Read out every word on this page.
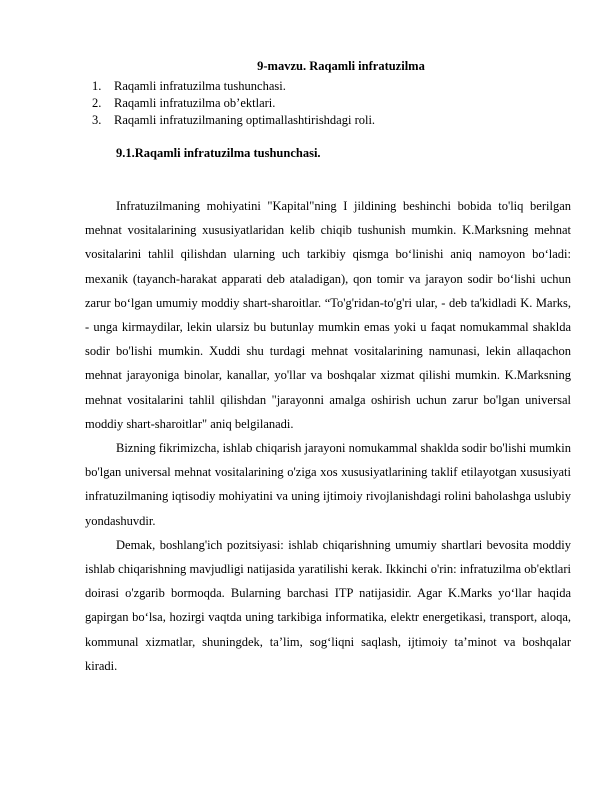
9-mavzu. Raqamli infratuzilma
1.	Raqamli infratuzilma tushunchasi.
2.	Raqamli infratuzilma ob’ektlari.
3.	Raqamli infratuzilmaning optimallashtirishdagi roli.
9.1.Raqamli infratuzilma tushunchasi.

Infratuzilmaning mohiyatini "Kapital"ning I jildining beshinchi bobida to'liq berilgan mehnat vositalarining xususiyatlaridan kelib chiqib tushunish mumkin. K.Marksning mehnat vositalarini tahlil qilishdan ularning uch tarkibiy qismga bo‘linishi aniq namoyon bo‘ladi: mexanik (tayanch-harakat apparati deb ataladigan), qon tomir va jarayon sodir bo‘lishi uchun zarur bo‘lgan umumiy moddiy shart-sharoitlar. “To'g'ridan-to'g'ri ular, - deb ta'kidladi K. Marks, - unga kirmaydilar, lekin ularsiz bu butunlay mumkin emas yoki u faqat nomukammal shaklda sodir bo'lishi mumkin. Xuddi shu turdagi mehnat vositalarining namunasi, lekin allaqachon mehnat jarayoniga binolar, kanallar, yo'llar va boshqalar xizmat qilishi mumkin. K.Marksning mehnat vositalarini tahlil qilishdan "jarayonni amalga oshirish uchun zarur bo'lgan universal moddiy shart-sharoitlar" aniq belgilanadi.

Bizning fikrimizcha, ishlab chiqarish jarayoni nomukammal shaklda sodir bo'lishi mumkin bo'lgan universal mehnat vositalarining o'ziga xos xususiyatlarining taklif etilayotgan xususiyati infratuzilmaning iqtisodiy mohiyatini va uning ijtimoiy rivojlanishdagi rolini baholashga uslubiy yondashuvdir.

Demak, boshlang'ich pozitsiyasi: ishlab chiqarishning umumiy shartlari bevosita moddiy ishlab chiqarishning mavjudligi natijasida yaratilishi kerak. Ikkinchi o'rin: infratuzilma ob'ektlari doirasi o'zgarib bormoqda. Bularning barchasi ITP natijasidir. Agar K.Marks yo‘llar haqida gapirgan bo‘lsa, hozirgi vaqtda uning tarkibiga informatika, elektr energetikasi, transport, aloqa, kommunal xizmatlar, shuningdek, ta’lim, sog‘liqni saqlash, ijtimoiy ta’minot va boshqalar kiradi.
